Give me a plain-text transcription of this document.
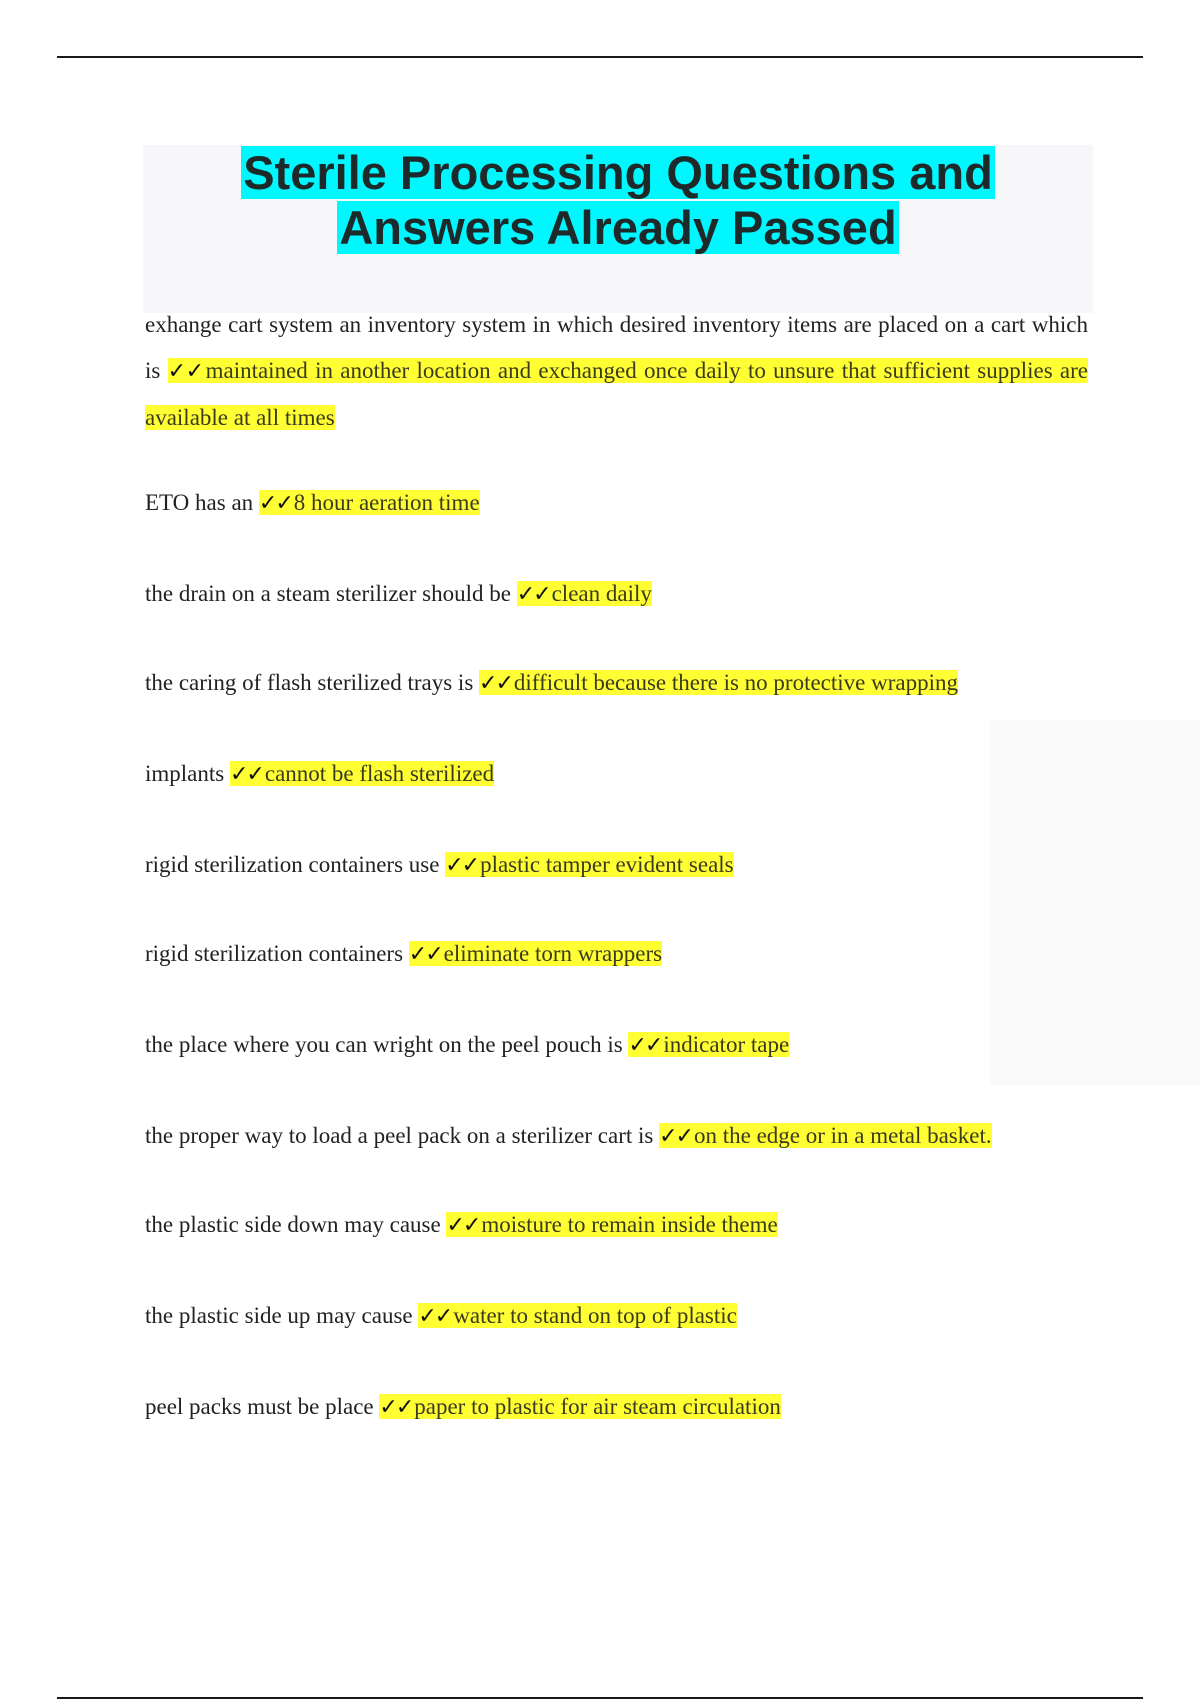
Sterile Processing Questions and
Answers Already Passed
exhange cart system an inventory system in which desired inventory items are placed on a cart which is ✓✓maintained in another location and exchanged once daily to unsure that sufficient supplies are available at all times
ETO has an ✓✓8 hour aeration time
the drain on a steam sterilizer should be ✓✓clean daily
the caring of flash sterilized trays is ✓✓difficult because there is no protective wrapping
implants ✓✓cannot be flash sterilized
rigid sterilization containers use ✓✓plastic tamper evident seals
rigid sterilization containers ✓✓eliminate torn wrappers
the place where you can wright on the peel pouch is ✓✓indicator tape
the proper way to load a peel pack on a sterilizer cart is ✓✓on the edge or in a metal basket.
the plastic side down may cause ✓✓moisture to remain inside theme
the plastic side up may cause ✓✓water to stand on top of plastic
peel packs must be place ✓✓paper to plastic for air steam circulation
